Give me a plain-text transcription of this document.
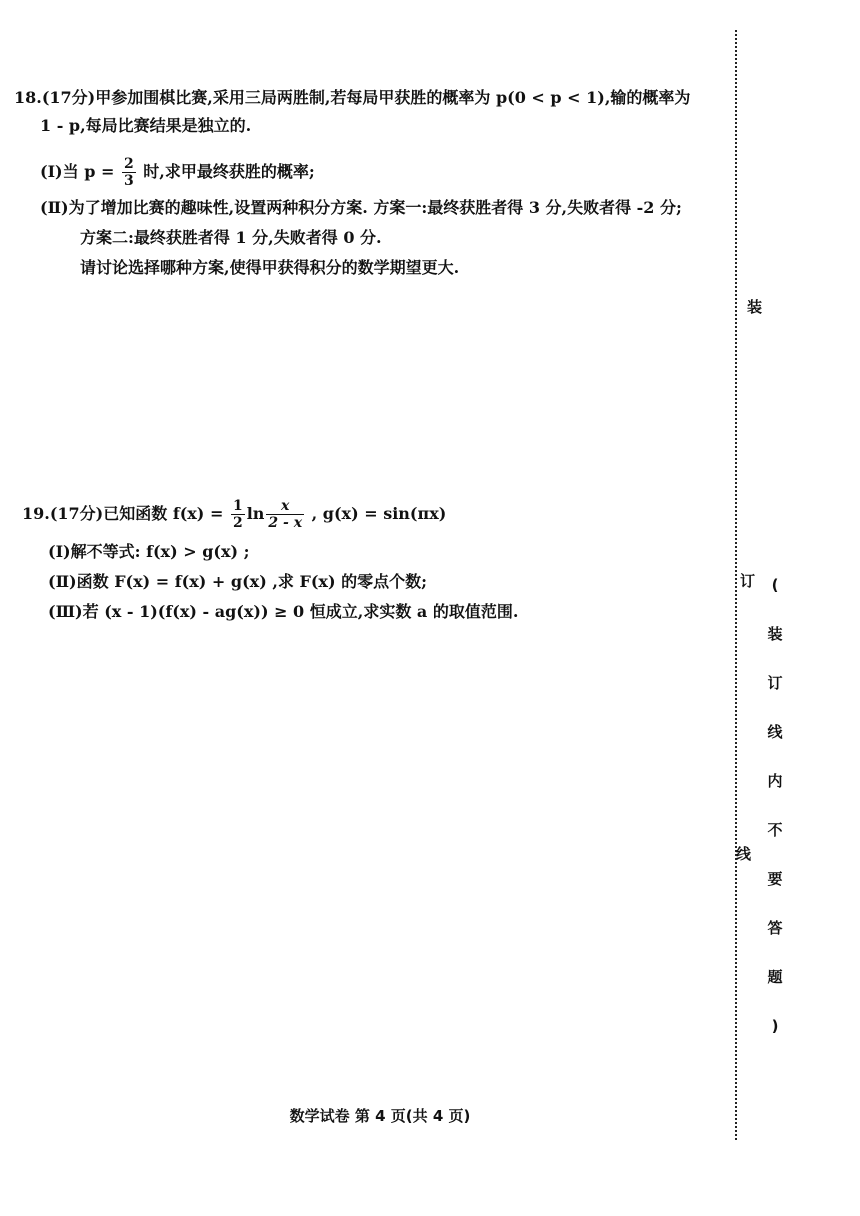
18.(17分)甲参加围棋比赛,采用三局两胜制,若每局甲获胜的概率为 p(0 < p < 1),输的概率为
1 - p,每局比赛结果是独立的.
(Ⅰ)当 $p = \frac{2}{3}$ 时,求甲最终获胜的概率;
(Ⅱ)为了增加比赛的趣味性,设置两种积分方案. 方案一:最终获胜者得 3 分,失败者得 -2 分;
方案二:最终获胜者得 1 分,失败者得 0 分.
请讨论选择哪种方案,使得甲获得积分的数学期望更大.
19.(17分)已知函数 $f(x) = \frac{1}{2}$ $\ln \frac{x}{2 - x}$ , g(x) = sin(πx)
(Ⅰ)解不等式: f(x) > g(x) ;
(Ⅱ)函数 F(x) = f(x) + g(x) ,求 F(x) 的零点个数;
(Ⅲ)若 (x - 1)(f(x) - ag(x)) ≥ 0 恒成立,求实数 a 的取值范围.
数学试卷 第 4 页(共 4 页)
装
订
线
(
装
订
线
内
不
要
答
题
)
